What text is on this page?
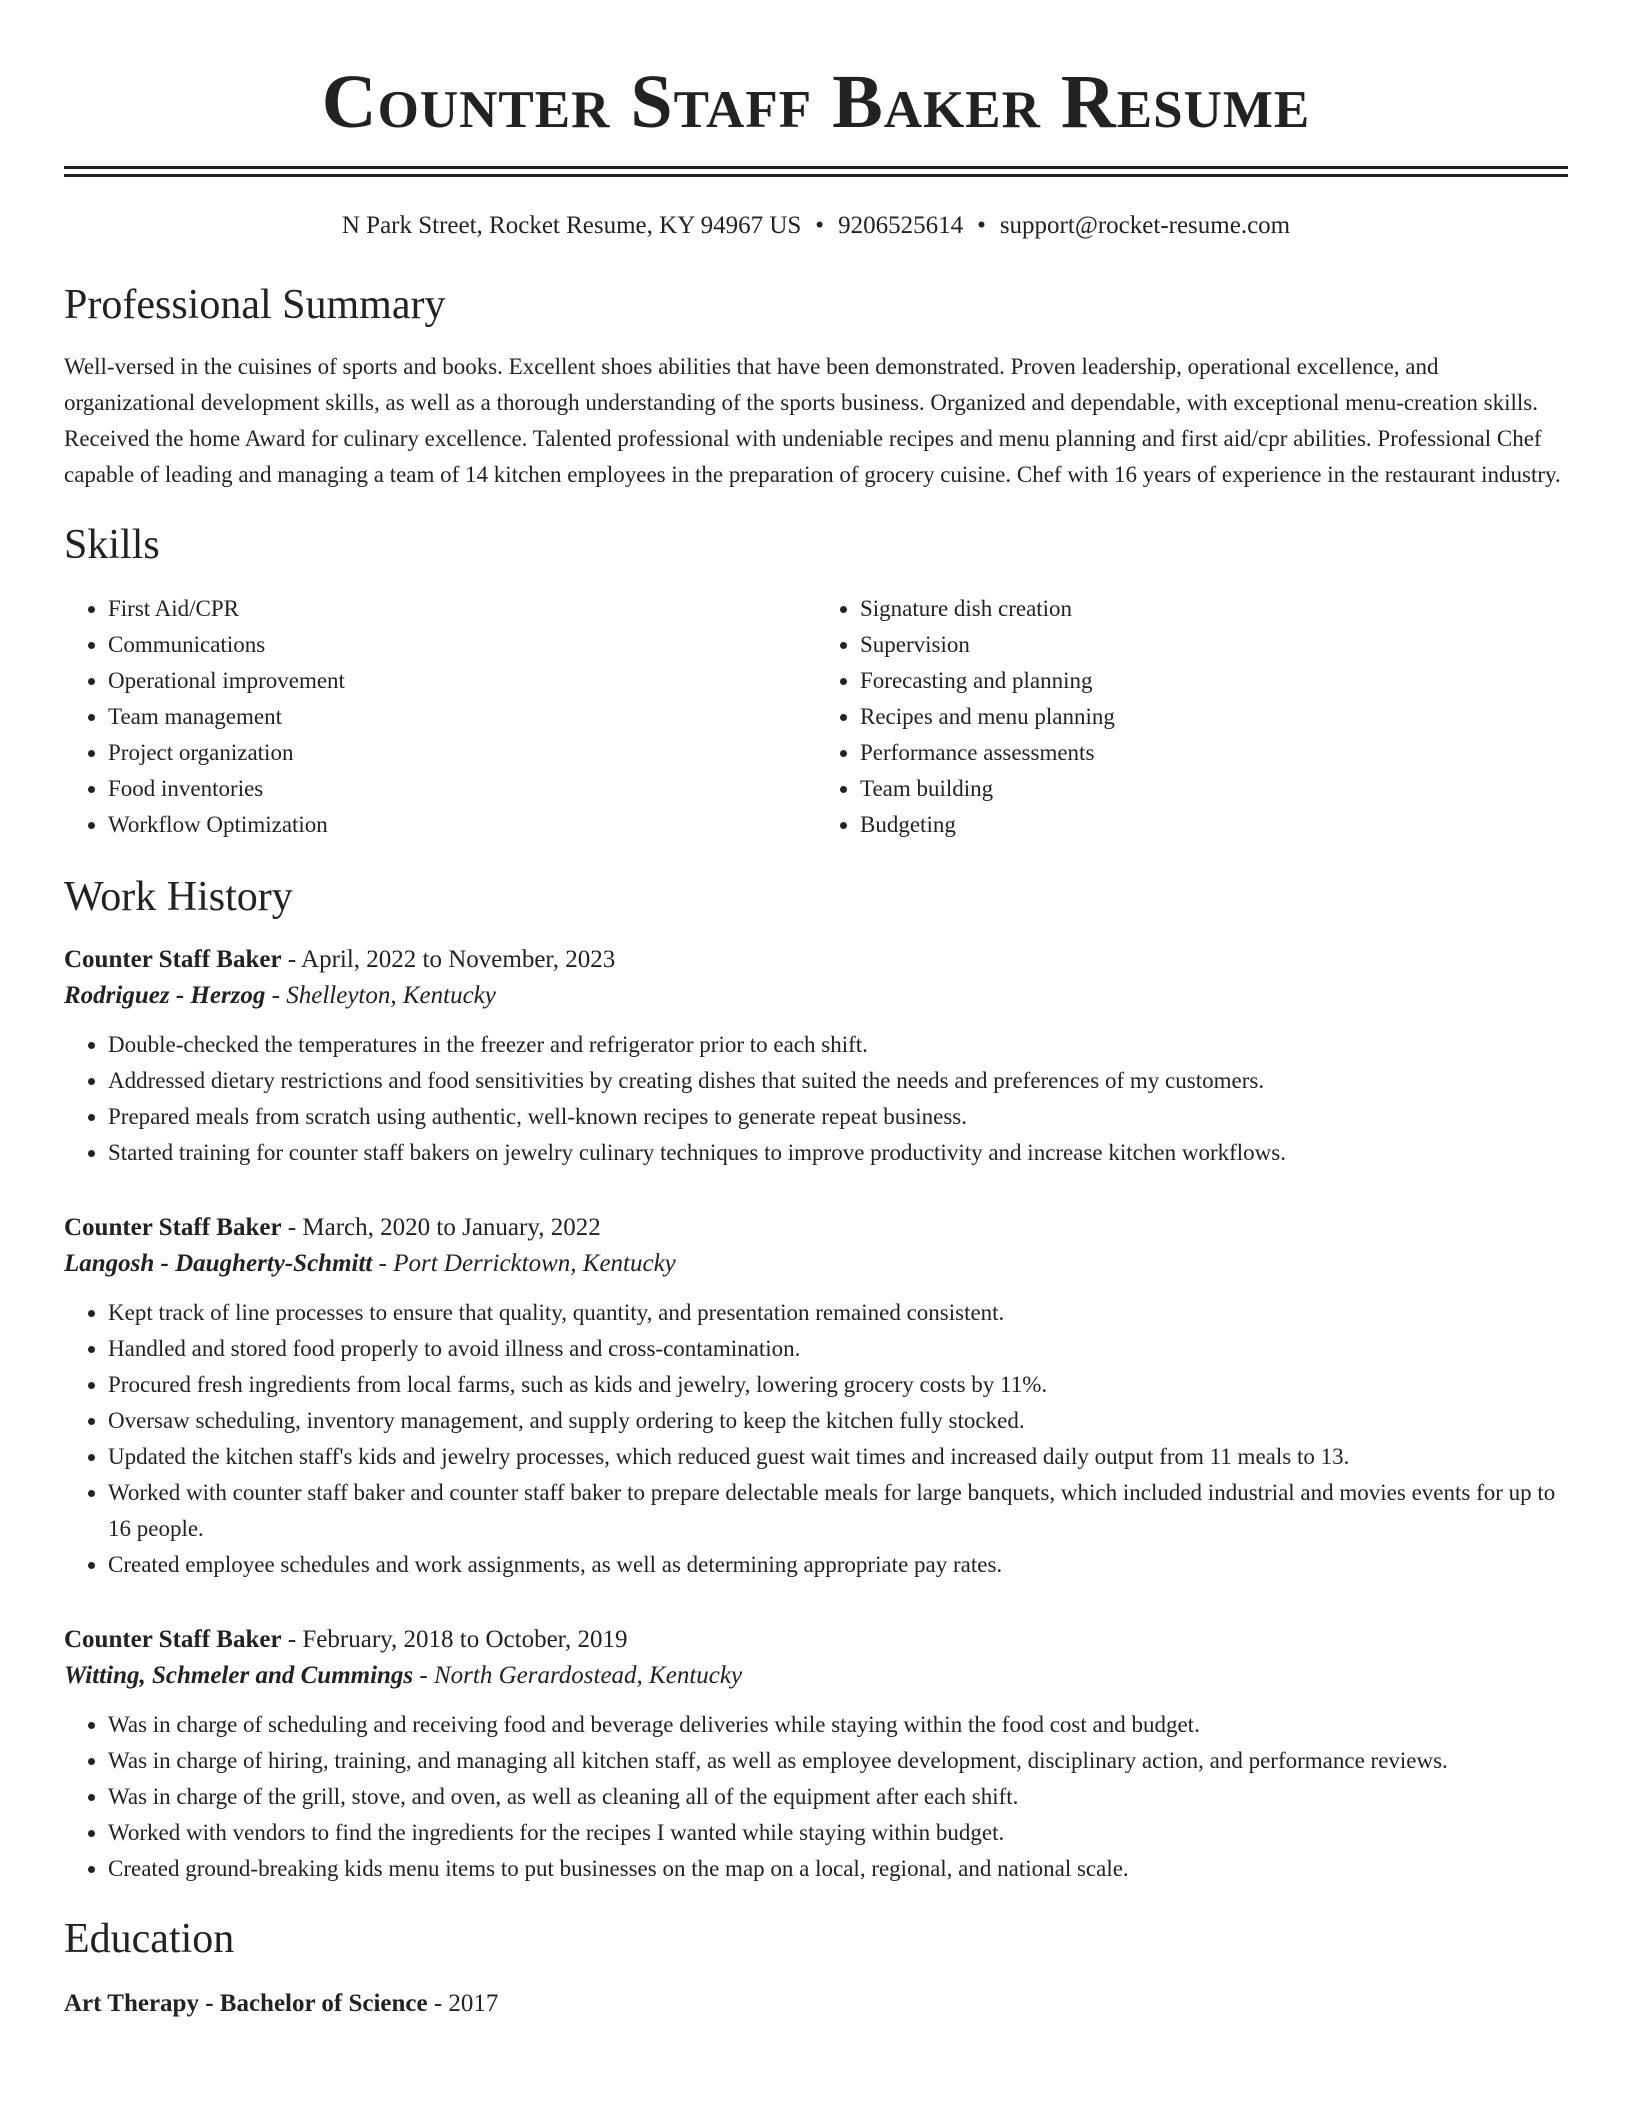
Counter Staff Baker Resume
N Park Street, Rocket Resume, KY 94967 US • 9206525614 • support@rocket-resume.com
Professional Summary

Well-versed in the cuisines of sports and books. Excellent shoes abilities that have been demonstrated. Proven leadership, operational excellence, and organizational development skills, as well as a thorough understanding of the sports business. Organized and dependable, with exceptional menu-creation skills. Received the home Award for culinary excellence. Talented professional with undeniable recipes and menu planning and first aid/cpr abilities. Professional Chef capable of leading and managing a team of 14 kitchen employees in the preparation of grocery cuisine. Chef with 16 years of experience in the restaurant industry.

Skills
• First Aid/CPR
• Communications
• Operational improvement
• Team management
• Project organization
• Food inventories
• Workflow Optimization
• Signature dish creation
• Supervision
• Forecasting and planning
• Recipes and menu planning
• Performance assessments
• Team building
• Budgeting
Work History
Counter Staff Baker - April, 2022 to November, 2023
Rodriguez - Herzog - Shelleyton, Kentucky
• Double-checked the temperatures in the freezer and refrigerator prior to each shift.
• Addressed dietary restrictions and food sensitivities by creating dishes that suited the needs and preferences of my customers.
• Prepared meals from scratch using authentic, well-known recipes to generate repeat business.
• Started training for counter staff bakers on jewelry culinary techniques to improve productivity and increase kitchen workflows.
Counter Staff Baker - March, 2020 to January, 2022
Langosh - Daugherty-Schmitt - Port Derricktown, Kentucky
• Kept track of line processes to ensure that quality, quantity, and presentation remained consistent.
• Handled and stored food properly to avoid illness and cross-contamination.
• Procured fresh ingredients from local farms, such as kids and jewelry, lowering grocery costs by 11%.
• Oversaw scheduling, inventory management, and supply ordering to keep the kitchen fully stocked.
• Updated the kitchen staff's kids and jewelry processes, which reduced guest wait times and increased daily output from 11 meals to 13.
• Worked with counter staff baker and counter staff baker to prepare delectable meals for large banquets, which included industrial and movies events for up to 16 people.
• Created employee schedules and work assignments, as well as determining appropriate pay rates.
Counter Staff Baker - February, 2018 to October, 2019
Witting, Schmeler and Cummings - North Gerardostead, Kentucky
• Was in charge of scheduling and receiving food and beverage deliveries while staying within the food cost and budget.
• Was in charge of hiring, training, and managing all kitchen staff, as well as employee development, disciplinary action, and performance reviews.
• Was in charge of the grill, stove, and oven, as well as cleaning all of the equipment after each shift.
• Worked with vendors to find the ingredients for the recipes I wanted while staying within budget.
• Created ground-breaking kids menu items to put businesses on the map on a local, regional, and national scale.
Education
Art Therapy - Bachelor of Science - 2017
